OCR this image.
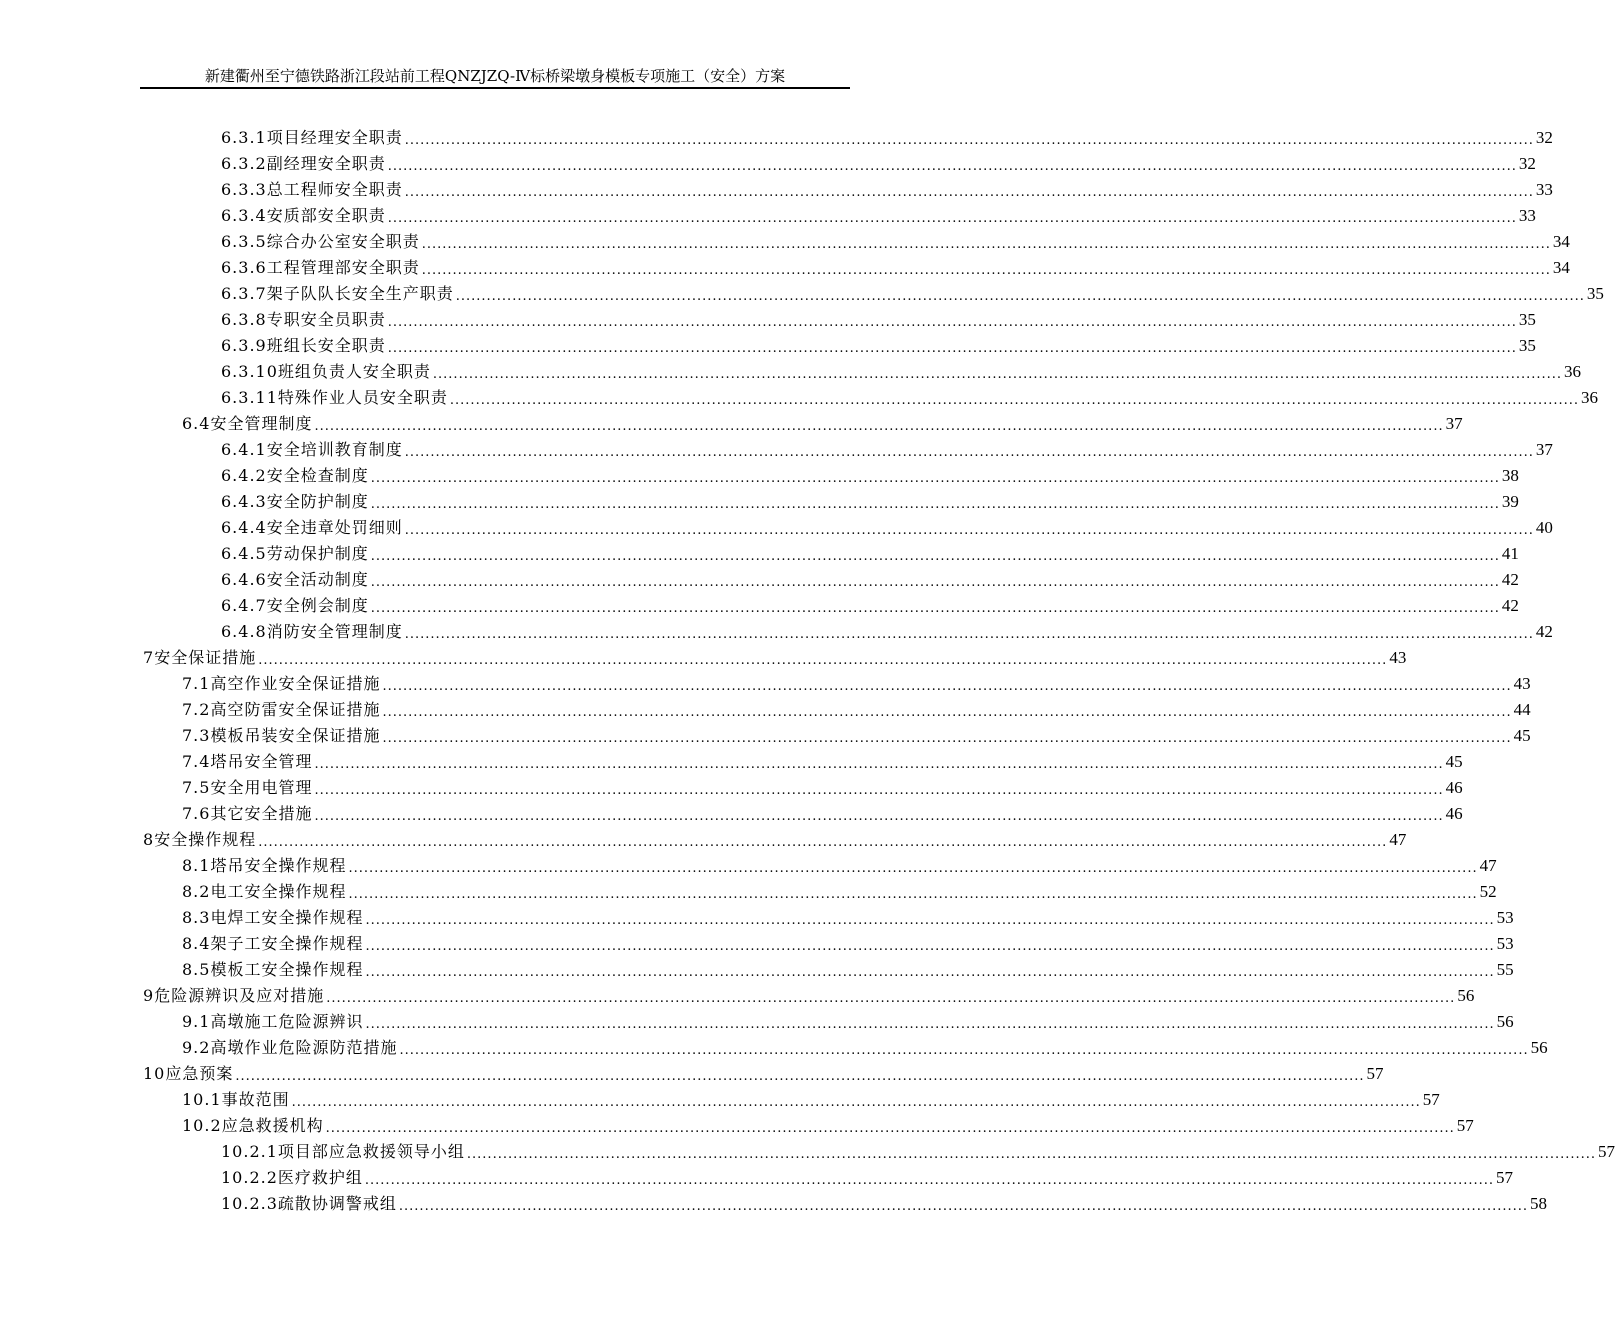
新建衢州至宁德铁路浙江段站前工程QNZJZQ-Ⅳ标桥梁墩身模板专项施工（安全）方案
6.3.1 项目经理安全职责 ............................................................................................................................................................................................................................ 32
6.3.2 副经理安全职责 ............................................................................................................................................................................................................................ 32
6.3.3 总工程师安全职责 ............................................................................................................................................................................................................................ 33
6.3.4 安质部安全职责 ............................................................................................................................................................................................................................ 33
6.3.5 综合办公室安全职责 ............................................................................................................................................................................................................................ 34
6.3.6 工程管理部安全职责 ............................................................................................................................................................................................................................ 34
6.3.7 架子队队长安全生产职责 ............................................................................................................................................................................................................................ 35
6.3.8 专职安全员职责 ............................................................................................................................................................................................................................ 35
6.3.9 班组长安全职责 ............................................................................................................................................................................................................................ 35
6.3.10 班组负责人安全职责 ............................................................................................................................................................................................................................ 36
6.3.11 特殊作业人员安全职责 ............................................................................................................................................................................................................................ 36
6.4 安全管理制度 ............................................................................................................................................................................................................................ 37
6.4.1 安全培训教育制度 ............................................................................................................................................................................................................................ 37
6.4.2 安全检查制度 ............................................................................................................................................................................................................................ 38
6.4.3 安全防护制度 ............................................................................................................................................................................................................................ 39
6.4.4 安全违章处罚细则 ............................................................................................................................................................................................................................ 40
6.4.5 劳动保护制度 ............................................................................................................................................................................................................................ 41
6.4.6 安全活动制度 ............................................................................................................................................................................................................................ 42
6.4.7 安全例会制度 ............................................................................................................................................................................................................................ 42
6.4.8 消防安全管理制度 ............................................................................................................................................................................................................................ 42
7 安全保证措施 ............................................................................................................................................................................................................................ 43
7.1 高空作业安全保证措施 ............................................................................................................................................................................................................................ 43
7.2 高空防雷安全保证措施 ............................................................................................................................................................................................................................ 44
7.3 模板吊装安全保证措施 ............................................................................................................................................................................................................................ 45
7.4 塔吊安全管理 ............................................................................................................................................................................................................................ 45
7.5 安全用电管理 ............................................................................................................................................................................................................................ 46
7.6 其它安全措施 ............................................................................................................................................................................................................................ 46
8 安全操作规程 ............................................................................................................................................................................................................................ 47
8.1 塔吊安全操作规程 ............................................................................................................................................................................................................................ 47
8.2 电工安全操作规程 ............................................................................................................................................................................................................................ 52
8.3 电焊工安全操作规程 ............................................................................................................................................................................................................................ 53
8.4 架子工安全操作规程 ............................................................................................................................................................................................................................ 53
8.5 模板工安全操作规程 ............................................................................................................................................................................................................................ 55
9 危险源辨识及应对措施 ............................................................................................................................................................................................................................ 56
9.1 高墩施工危险源辨识 ............................................................................................................................................................................................................................ 56
9.2 高墩作业危险源防范措施 ............................................................................................................................................................................................................................ 56
10 应急预案 ............................................................................................................................................................................................................................ 57
10.1 事故范围 ............................................................................................................................................................................................................................ 57
10.2 应急救援机构 ............................................................................................................................................................................................................................ 57
10.2.1 项目部应急救援领导小组 ............................................................................................................................................................................................................................ 57
10.2.2 医疗救护组 ............................................................................................................................................................................................................................ 57
10.2.3 疏散协调警戒组 ............................................................................................................................................................................................................................ 58
